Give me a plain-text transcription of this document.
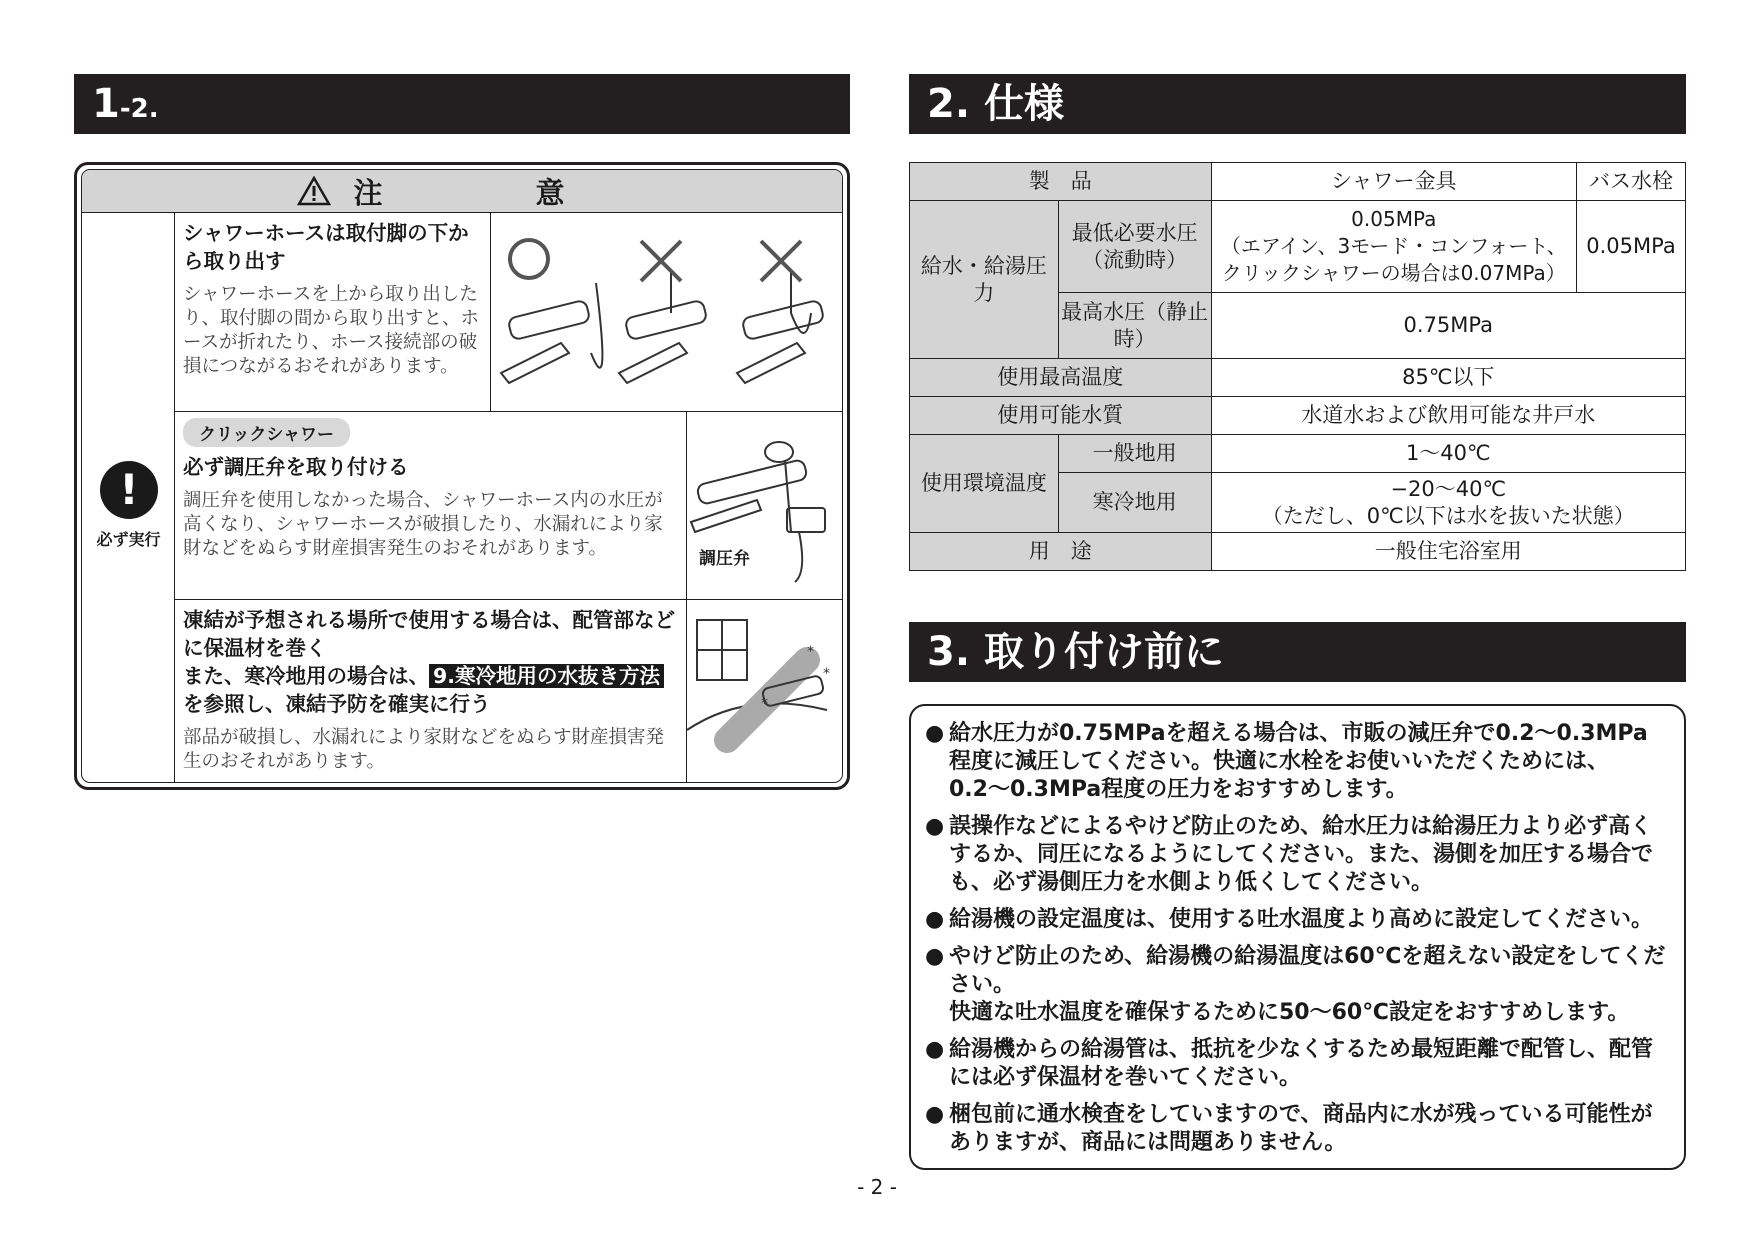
1-2.
注　意
!
必ず実行
シャワーホースは取付脚の下から取り出す
シャワーホースを上から取り出したり、取付脚の間から取り出すと、ホースが折れたり、ホース接続部の破損につながるおそれがあります。
クリックシャワー
必ず調圧弁を取り付ける
調圧弁を使用しなかった場合、シャワーホース内の水圧が高くなり、シャワーホースが破損したり、水漏れにより家財などをぬらす財産損害発生のおそれがあります。	調圧弁
凍結が予想される場所で使用する場合は、配管部などに保温材を巻く
また、寒冷地用の場合は、 9.寒冷地用の水抜き方法
を参照し、凍結予防を確実に行う
部品が破損し、水漏れにより家財などをぬらす財産損害発生のおそれがあります。
*
*
*
2. 仕様
製　品		シャワー金具	バス水栓
給水・給湯圧力	最低必要水圧（流動時）	0.05MPa
（エアイン、3モード・コンフォート、
クリックシャワーの場合は0.07MPa）	0.05MPa
	最高水圧（静止時）	0.75MPa	
使用最高温度		85℃以下	
使用可能水質		水道水および飲用可能な井戸水	
使用環境温度	一般地用	1〜40℃	
	寒冷地用	−20〜40℃
（ただし、0℃以下は水を抜いた状態）	

用　途		一般住宅浴室用	
3. 取り付け前に
● 給水圧力が0.75MPaを超える場合は、市販の減圧弁で0.2〜0.3MPa程度に減圧してください。快適に水栓をお使いいただくためには、0.2〜0.3MPa程度の圧力をおすすめします。
● 誤操作などによるやけど防止のため、給水圧力は給湯圧力より必ず高くするか、同圧になるようにしてください。また、湯側を加圧する場合でも、必ず湯側圧力を水側より低くしてください。
● 給湯機の設定温度は、使用する吐水温度より高めに設定してください。
● やけど防止のため、給湯機の給湯温度は60℃を超えない設定をしてください。
快適な吐水温度を確保するために50〜60℃設定をおすすめします。
● 給湯機からの給湯管は、抵抗を少なくするため最短距離で配管し、配管には必ず保温材を巻いてください。
● 梱包前に通水検査をしていますので、商品内に水が残っている可能性がありますが、商品には問題ありません。
- 2 -
